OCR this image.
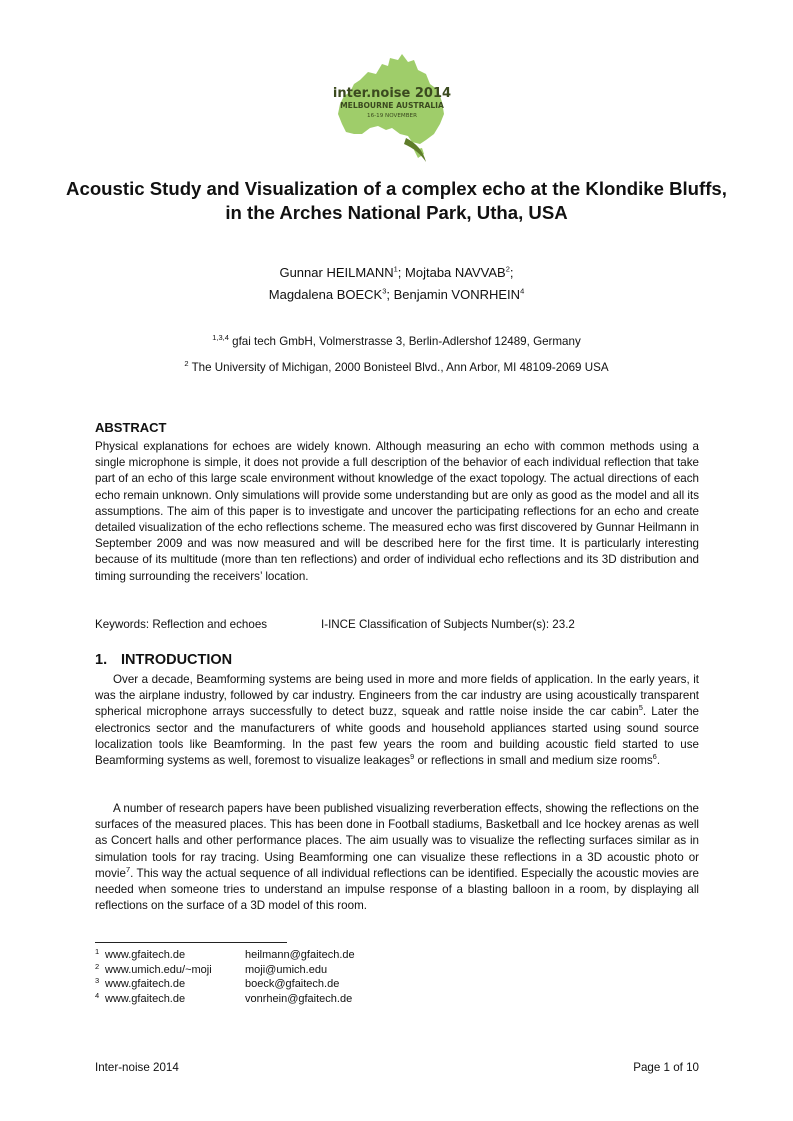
inter.noise 2014
MELBOURNE AUSTRALIA
16-19 NOVEMBER
Acoustic Study and Visualization of a complex echo at the Klondike Bluffs, in the Arches National Park, Utha, USA
Gunnar HEILMANN$^1$; Mojtaba NAVVAB$^2$;
Magdalena BOECK$^3$; Benjamin VONRHEIN$^4$
$^{1,3,4}$ gfai tech GmbH, Volmerstrasse 3, Berlin-Adlershof 12489, Germany
$^2$ The University of Michigan, 2000 Bonisteel Blvd., Ann Arbor, MI 48109-2069 USA
ABSTRACT

Physical explanations for echoes are widely known. Although measuring an echo with common methods using a single microphone is simple, it does not provide a full description of the behavior of each individual reflection that take part of an echo of this large scale environment without knowledge of the exact topology. The actual directions of each echo remain unknown. Only simulations will provide some understanding but are only as good as the model and all its assumptions. The aim of this paper is to investigate and uncover the participating reflections for an echo and create detailed visualization of the echo reflections scheme. The measured echo was first discovered by Gunnar Heilmann in September 2009 and was now measured and will be described here for the first time. It is particularly interesting because of its multitude (more than ten reflections) and order of individual echo reflections and its 3D distribution and timing surrounding the receivers’ location.

Keywords: Reflection and echoes	I-INCE Classification of Subjects Number(s): 23.2
1. INTRODUCTION

Over a decade, Beamforming systems are being used in more and more fields of application. In the early years, it was the airplane industry, followed by car industry. Engineers from the car industry are using acoustically transparent spherical microphone arrays successfully to detect buzz, squeak and rattle noise inside the car cabin$^5$. Later the electronics sector and the manufacturers of white goods and household appliances started using sound source localization tools like Beamforming. In the past few years the room and building acoustic field started to use Beamforming systems as well, foremost to visualize leakages$^9$ or reflections in small and medium size rooms$^6$.

A number of research papers have been published visualizing reverberation effects, showing the reflections on the surfaces of the measured places. This has been done in Football stadiums, Basketball and Ice hockey arenas as well as Concert halls and other performance places. The aim usually was to visualize the reflecting surfaces similar as in simulation tools for ray tracing. Using Beamforming one can visualize these reflections in a 3D acoustic photo or movie$^7$. This way the actual sequence of all individual reflections can be identified. Especially the acoustic movies are needed when someone tries to understand an impulse response of a blasting balloon in a room, by displaying all reflections on the surface of a 3D model of this room.

1 www.gfaitech.de	heilmann@gfaitech.de
2 www.umich.edu/~moji	moji@umich.edu
3 www.gfaitech.de	boeck@gfaitech.de
4 www.gfaitech.de	vonrhein@gfaitech.de
Inter-noise 2014	Page 1 of 10
